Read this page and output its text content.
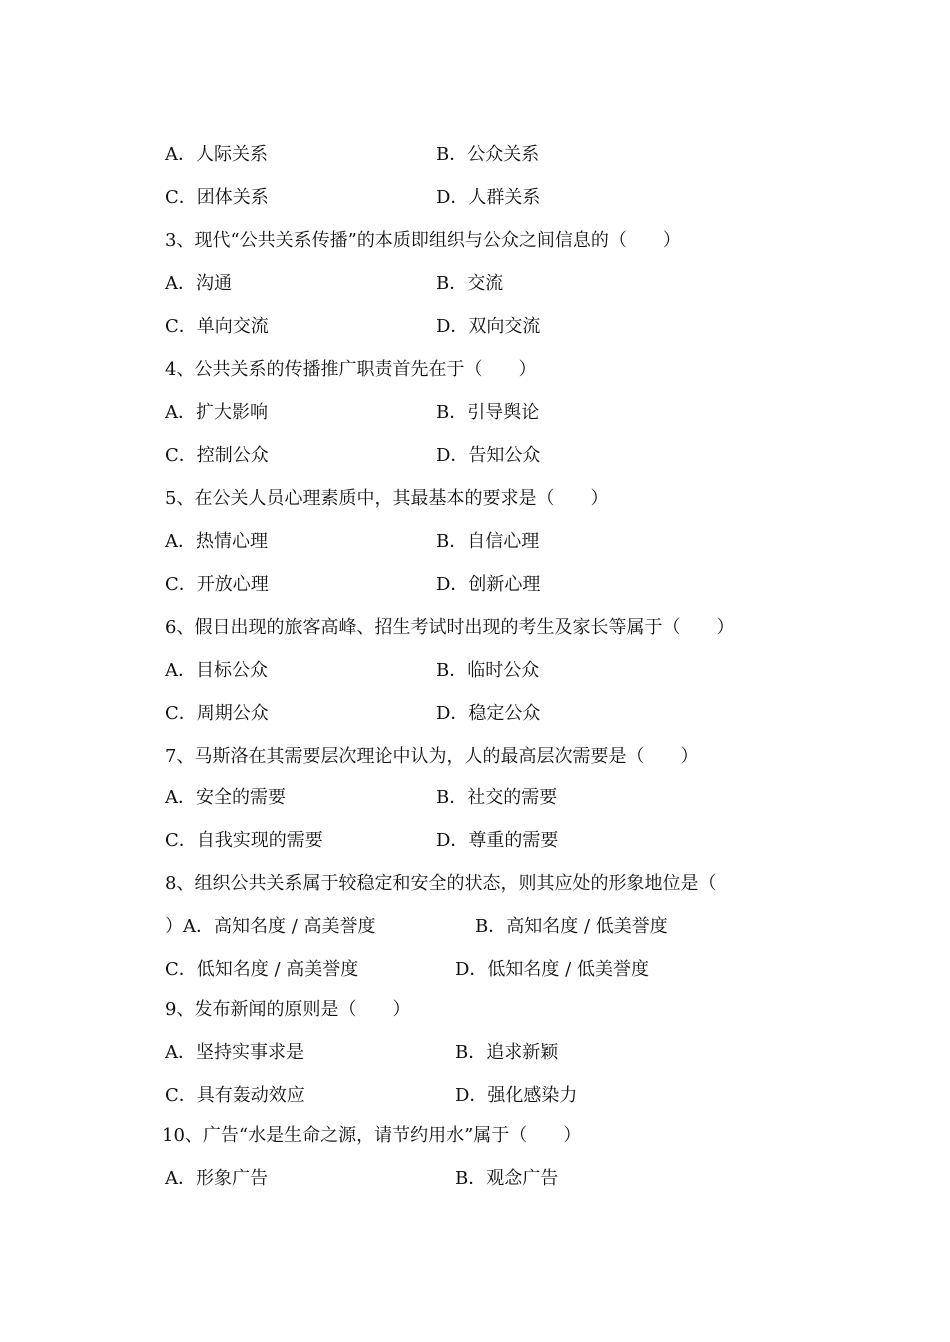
A．人际关系	B．公众关系
C．团体关系	D．人群关系
3、现代“公共关系传播”的本质即组织与公众之间信息的（　　）
A．沟通	B．交流
C．单向交流	D．双向交流
4、公共关系的传播推广职责首先在于（　　）
A．扩大影响	B．引导舆论
C．控制公众	D．告知公众
5、在公关人员心理素质中，其最基本的要求是（　　）
A．热情心理	B．自信心理
C．开放心理	D．创新心理
6、假日出现的旅客高峰、招生考试时出现的考生及家长等属于（　　）
A．目标公众	B．临时公众
C．周期公众	D．稳定公众
7、马斯洛在其需要层次理论中认为，人的最高层次需要是（　　）
A．安全的需要	B．社交的需要
C．自我实现的需要	D．尊重的需要
8、组织公共关系属于较稳定和安全的状态，则其应处的形象地位是（
）A．高知名度 / 高美誉度	B．高知名度 / 低美誉度
C．低知名度 / 高美誉度	D．低知名度 / 低美誉度
9、发布新闻的原则是（　　）
A．坚持实事求是	B．追求新颖
C．具有轰动效应	D．强化感染力
10、广告“水是生命之源，请节约用水”属于（　　）
A．形象广告	B．观念广告
